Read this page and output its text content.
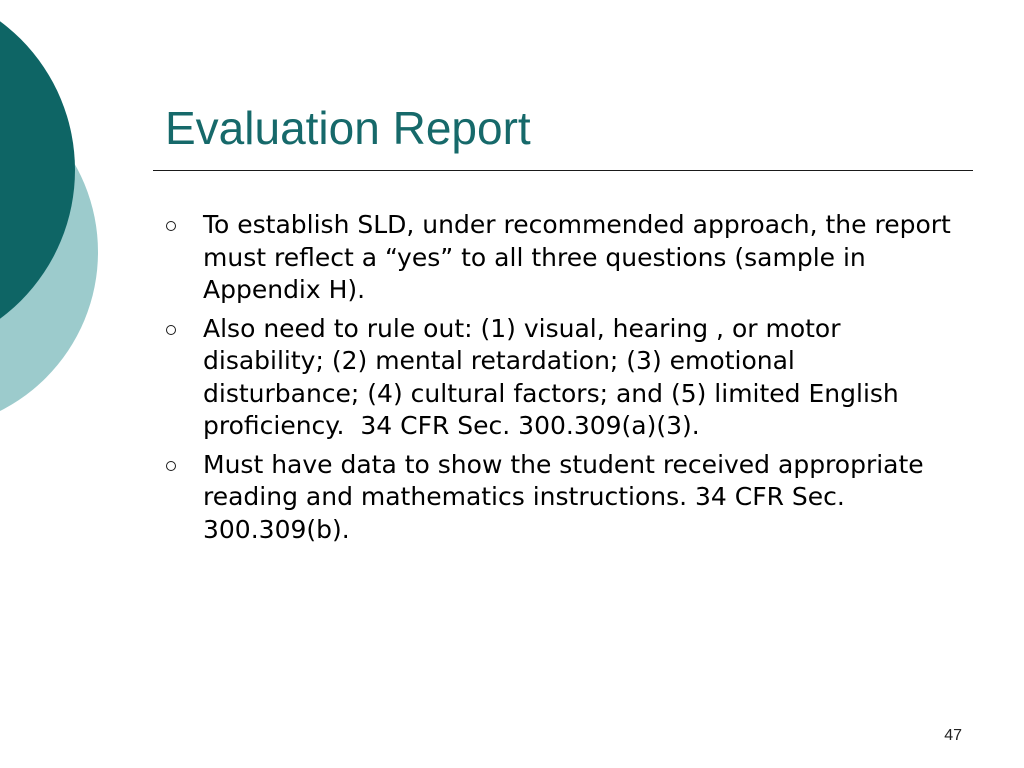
Evaluation Report
To establish SLD, under recommended approach, the report must reflect a “yes” to all three questions (sample in Appendix H).
Also need to rule out: (1) visual, hearing , or motor disability; (2) mental retardation; (3) emotional disturbance; (4) cultural factors; and (5) limited English proficiency.  34 CFR Sec. 300.309(a)(3).
Must have data to show the student received appropriate reading and mathematics instructions. 34 CFR Sec. 300.309(b).
47
